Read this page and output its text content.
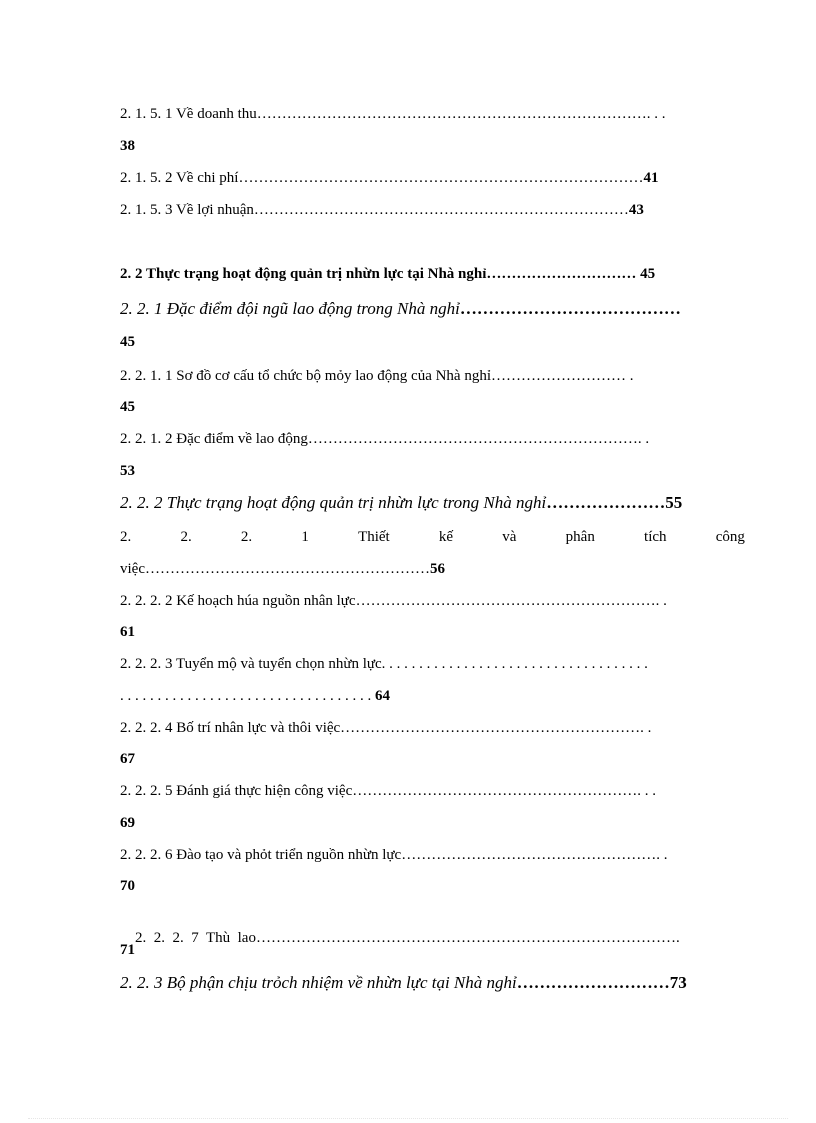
2. 1. 5. 1 Về doanh thu……………………………………………………………………. . .
38
2. 1. 5. 2 Về chi phí………………………………………………………………………41
2. 1. 5. 3 Về lợi nhuận…………………………………………………………………43
2. 2 Thực trạng hoạt động quản trị nhừn lực tại Nhà nghỉ………………………… 45
2. 2. 1 Đặc điểm đội ngũ lao động trong Nhà nghỉ…………………………………
45
2. 2. 1. 1 Sơ đồ cơ cấu tổ chức bộ mỏy lao động của Nhà nghỉ……………………… .
45
2. 2. 1. 2 Đặc điểm về lao động…………………………………………………………. .
53
2. 2. 2 Thực trạng hoạt động quản trị nhừn lực trong Nhà nghỉ…………………55
2.	2.	2.	1	Thiết	kế	và	phân	tích	công
việc…………………………………………………56
2. 2. 2. 2 Kế hoạch húa nguồn nhân lực……………………………………………………. .
61
2. 2. 2. 3 Tuyển mộ và tuyển chọn nhừn lực. . . . . . . . . . . . . . . . . . . . . . . . . . . . . . . . . . . .
. . . . . . . . . . . . . . . . . . . . . . . . . . . . . . . . . . 64
2. 2. 2. 4 Bố trí nhân lực và thôi việc……………………………………………………. .
67
2. 2. 2. 5 Đánh giá thực hiện công việc…………………………………………………. . .
69
2. 2. 2. 6 Đào tạo và phỏt triển nguồn nhừn lực……………………………………………. .
70

2.  2.  2.  7  Thù  lao………………………………………………………………………….

71
2. 2. 3 Bộ phận chịu trỏch nhiệm về nhừn lực tại Nhà nghỉ………………………73
